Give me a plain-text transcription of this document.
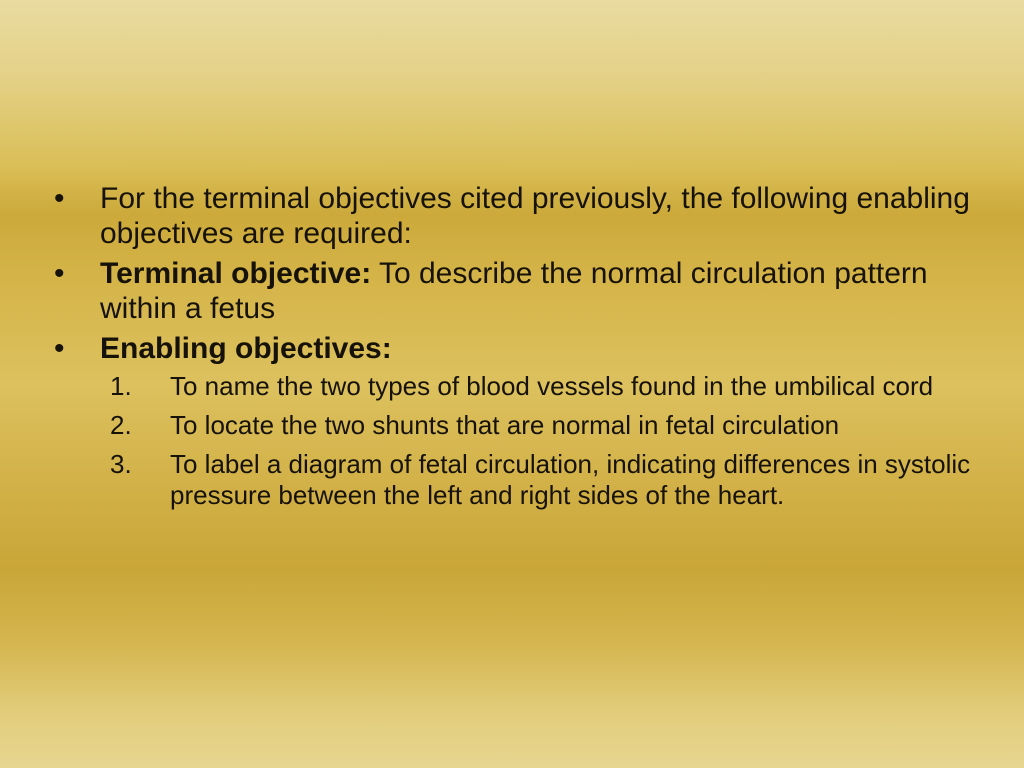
•	For the terminal objectives cited previously, the following enabling objectives are required:
•	Terminal objective: To describe the normal circulation pattern within a fetus
•	Enabling objectives:
1.	To name the two types of blood vessels found in the umbilical cord
2.	To locate the two shunts that are normal in fetal circulation
3.	To label a diagram of fetal circulation, indicating differences in systolic pressure between the left and right sides of the heart.
